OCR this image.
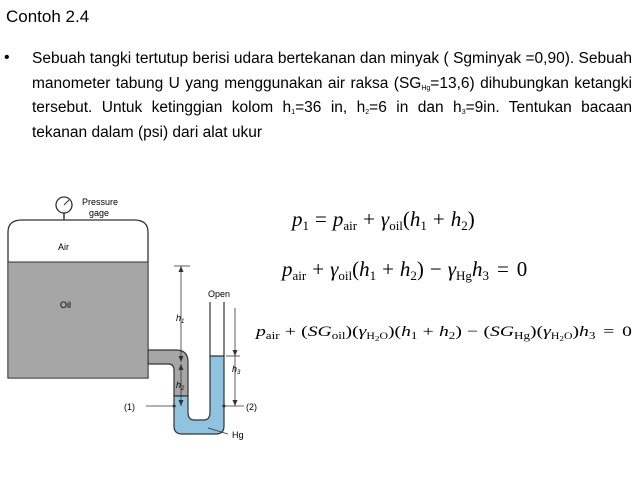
Contoh 2.4
• Sebuah tangki tertutup berisi udara bertekanan dan minyak ( Sgminyak =0,90). Sebuah manometer tabung U yang menggunakan air raksa $(SG_{Hg}=13,6)$ dihubungkan ketangki tersebut. Untuk ketinggian kolom $h_1=36$ in, $h_2=6$ in dan $h_3=9in$. Tentukan bacaan tekanan dalam (psi) dari alat ukur
Pressure
gage
Air
Oil
Open
$h_1$
$h_2$
$h_3$
(1)	(2)
Hg
p1 = pair + γoil(h1 + h2)
pair + γoil(h1 + h2) − γHgh3 = 0
p $_{air}$ + ( SG $_{oil}$ ) ( γ $_H$ 2O ) ( h $_1$ + h $_2$ ) − ( SG $_{Hg}$ ) ( γ $_H$ 2O ) h $_3$ = 0
